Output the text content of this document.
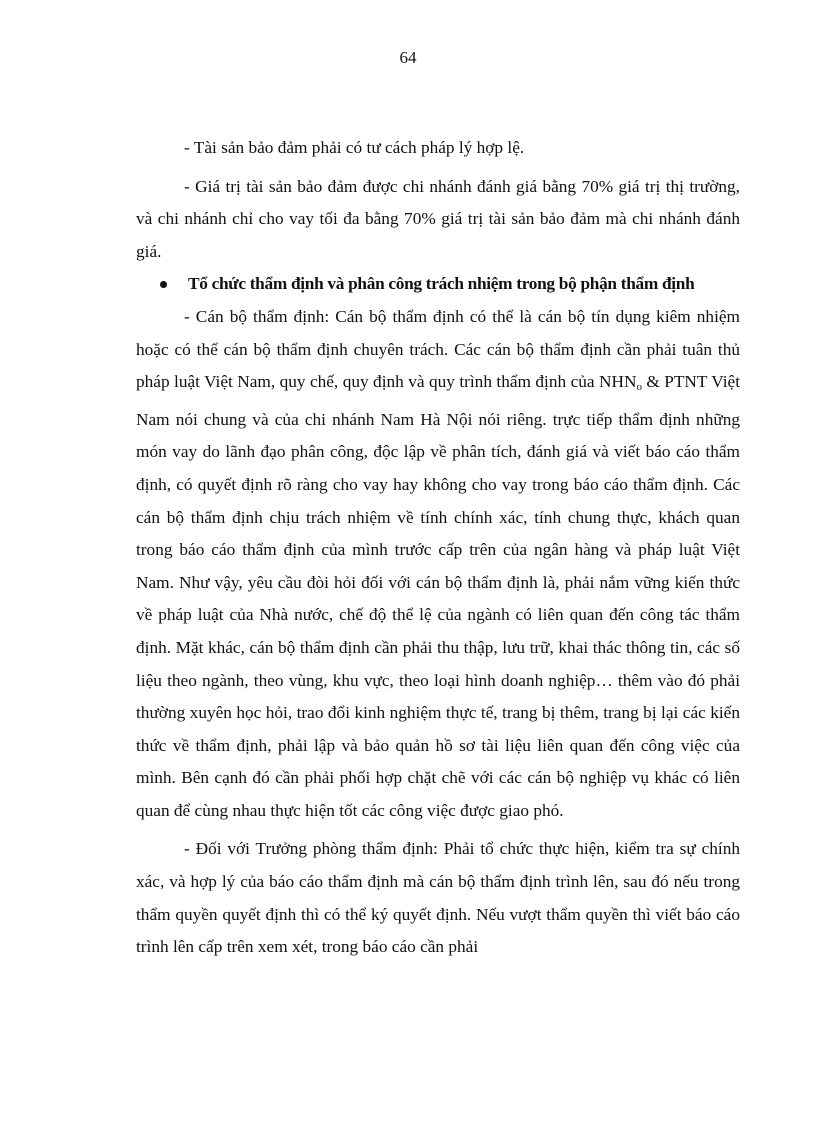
64

- Tài sản bảo đảm phải có tư cách pháp lý hợp lệ.

- Giá trị tài sản bảo đảm được chi nhánh đánh giá bằng 70% giá trị thị trường, và chi nhánh chỉ cho vay tối đa bằng 70% giá trị tài sản bảo đảm mà chi nhánh đánh giá.

Tổ chức thẩm định và phân công trách nhiệm trong bộ phận thẩm định

- Cán bộ thẩm định: Cán bộ thẩm định có thể là cán bộ tín dụng kiêm nhiệm hoặc có thể cán bộ thẩm định chuyên trách. Các cán bộ thẩm định cần phải tuân thủ pháp luật Việt Nam, quy chế, quy định và quy trình thẩm định của $NHN_o$ & PTNT Việt Nam nói chung và của chi nhánh Nam Hà Nội nói riêng. trực tiếp thẩm định những món vay do lãnh đạo phân công, độc lập về phân tích, đánh giá và viết báo cáo thẩm định, có quyết định rõ ràng cho vay hay không cho vay trong báo cáo thẩm định. Các cán bộ thẩm định chịu trách nhiệm về tính chính xác, tính chung thực, khách quan trong báo cáo thẩm định của mình trước cấp trên của ngân hàng và pháp luật Việt Nam. Như vậy, yêu cầu đòi hỏi đối với cán bộ thẩm định là, phải nắm vững kiến thức về pháp luật của Nhà nước, chế độ thể lệ của ngành có liên quan đến công tác thẩm định. Mặt khác, cán bộ thẩm định cần phải thu thập, lưu trữ, khai thác thông tin, các số liệu theo ngành, theo vùng, khu vực, theo loại hình doanh nghiệp… thêm vào đó phải thường xuyên học hỏi, trao đổi kinh nghiệm thực tế, trang bị thêm, trang bị lại các kiến thức về thẩm định, phải lập và bảo quản hồ sơ tài liệu liên quan đến công việc của mình. Bên cạnh đó cần phải phối hợp chặt chẽ với các cán bộ nghiệp vụ khác có liên quan để cùng nhau thực hiện tốt các công việc được giao phó.

- Đối với Trưởng phòng thẩm định: Phải tổ chức thực hiện, kiểm tra sự chính xác, và hợp lý của báo cáo thẩm định mà cán bộ thẩm định trình lên, sau đó nếu trong thẩm quyền quyết định thì có thể ký quyết định. Nếu vượt thẩm quyền thì viết báo cáo trình lên cấp trên xem xét, trong báo cáo cần phải
